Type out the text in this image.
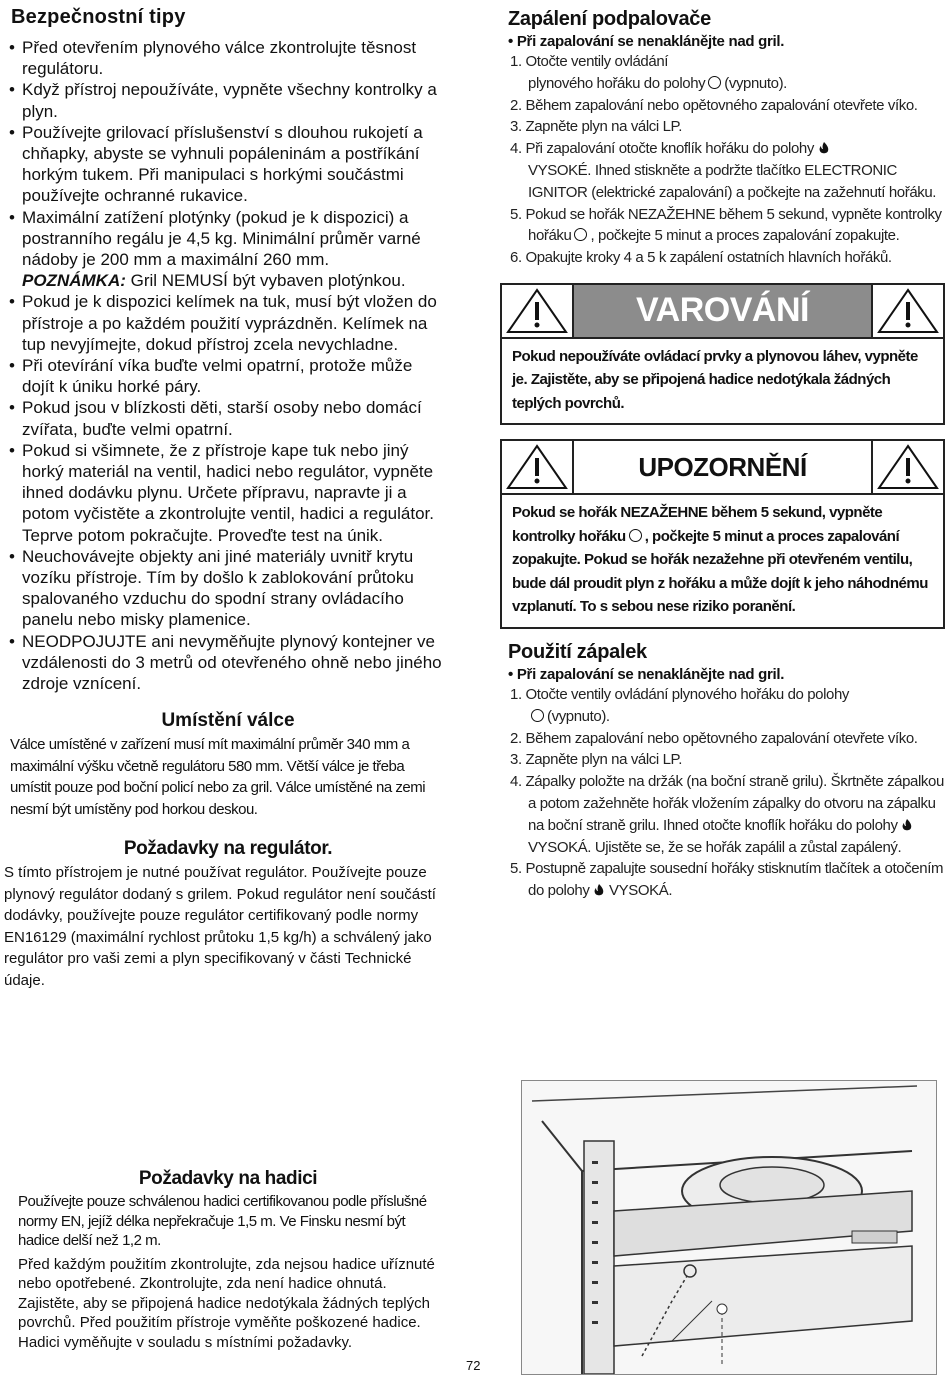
Bezpečnostní tipy
• Před otevřením plynového válce zkontrolujte těsnost regulátoru.
• Když přístroj nepoužíváte, vypněte všechny kontrolky a plyn.
• Používejte grilovací příslušenství s dlouhou rukojetí a chňapky, abyste se vyhnuli popáleninám a postříkání horkým tukem. Při manipulaci s horkými součástmi používejte ochranné rukavice.
• Maximální zatížení plotýnky (pokud je k dispozici) a postranního regálu je 4,5 kg. Minimální průměr varné nádoby je 200 mm a maximální 260 mm.
POZNÁMKA: Gril NEMUSÍ být vybaven plotýnkou.
• Pokud je k dispozici kelímek na tuk, musí být vložen do přístroje a po každém použití vyprázdněn. Kelímek na tup nevyjímejte, dokud přístroj zcela nevychladne.
• Při otevírání víka buďte velmi opatrní, protože může dojít k úniku horké páry.
• Pokud jsou v blízkosti děti, starší osoby nebo domácí zvířata, buďte velmi opatrní.
• Pokud si všimnete, že z přístroje kape tuk nebo jiný horký materiál na ventil, hadici nebo regulátor, vypněte ihned dodávku plynu. Určete přípravu, napravte ji a potom vyčistěte a zkontrolujte ventil, hadici a regulátor. Teprve potom pokračujte. Proveďte test na únik.
• Neuchovávejte objekty ani jiné materiály uvnitř krytu vozíku přístroje. Tím by došlo k zablokování průtoku spalovaného vzduchu do spodní strany ovládacího panelu nebo misky plamenice.
• NEODPOJUJTE ani nevyměňujte plynový kontejner ve vzdálenosti do 3 metrů od otevřeného ohně nebo jiného zdroje vznícení.
Umístění válce

Válce umístěné v zařízení musí mít maximální průměr 340 mm a maximální výšku včetně regulátoru 580 mm. Větší válce je třeba umístit pouze pod boční policí nebo za gril. Válce umístěné na zemi nesmí být umístěny pod horkou deskou.

Požadavky na regulátor.

S tímto přístrojem je nutné používat regulátor. Používejte pouze plynový regulátor dodaný s grilem. Pokud regulátor není součástí dodávky, používejte pouze regulátor certifikovaný podle normy EN16129 (maximální rychlost průtoku 1,5 kg/h) a schválený jako regulátor pro vaši zemi a plyn specifikovaný v části Technické údaje.

Požadavky na hadici

Používejte pouze schválenou hadici certifikovanou podle příslušné normy EN, jejíž délka nepřekračuje 1,5 m. Ve Finsku nesmí být hadice delší než 1,2 m.

Před každým použitím zkontrolujte, zda nejsou hadice uříznuté nebo opotřebené. Zkontrolujte, zda není hadice ohnutá. Zajistěte, aby se připojená hadice nedotýkala žádných teplých povrchů. Před použitím přístroje vyměňte poškozené hadice. Hadici vyměňujte v souladu s místními požadavky.

Zapálení podpalovače
• Při zapalování se nenaklánějte nad gril.
1. Otočte ventily ovládání
plynového hořáku do polohy (vypnuto).
2. Během zapalování nebo opětovného zapalování otevřete víko.
3. Zapněte plyn na válci LP.
4. Při zapalování otočte knoflík hořáku do polohy
VYSOKÉ. Ihned stiskněte a podržte tlačítko ELECTRONIC IGNITOR (elektrické zapalování) a počkejte na zažehnutí hořáku.
5. Pokud se hořák NEZAŽEHNE během 5 sekund, vypněte kontrolky hořáku , počkejte 5 minut a proces zapalování zopakujte.
6. Opakujte kroky 4 a 5 k zapálení ostatních hlavních hořáků.
VAROVÁNÍ
Pokud nepoužíváte ovládací prvky a plynovou láhev, vypněte je. Zajistěte, aby se připojená hadice nedotýkala žádných teplých povrchů.
UPOZORNĚNÍ
Pokud se hořák NEZAŽEHNE během 5 sekund, vypněte kontrolky hořáku , počkejte 5 minut a proces zapalování zopakujte. Pokud se hořák nezažehne při otevřeném ventilu, bude dál proudit plyn z hořáku a může dojít k jeho náhodnému vzplanutí. To s sebou nese riziko poranění.
Použití zápalek
• Při zapalování se nenaklánějte nad gril.
1. Otočte ventily ovládání plynového hořáku do polohy
(vypnuto).
2. Během zapalování nebo opětovného zapalování otevřete víko.
3. Zapněte plyn na válci LP.
4. Zápalky položte na držák (na boční straně grilu). Škrtněte zápalkou a potom zažehněte hořák vložením zápalky do otvoru na zápalku na boční straně grilu. Ihned otočte knoflík hořáku do polohy  VYSOKÁ. Ujistěte se, že se hořák zapálil a zůstal zapálený.
5. Postupně zapalujte sousední hořáky stisknutím tlačítek a otočením do polohy VYSOKÁ.
72
